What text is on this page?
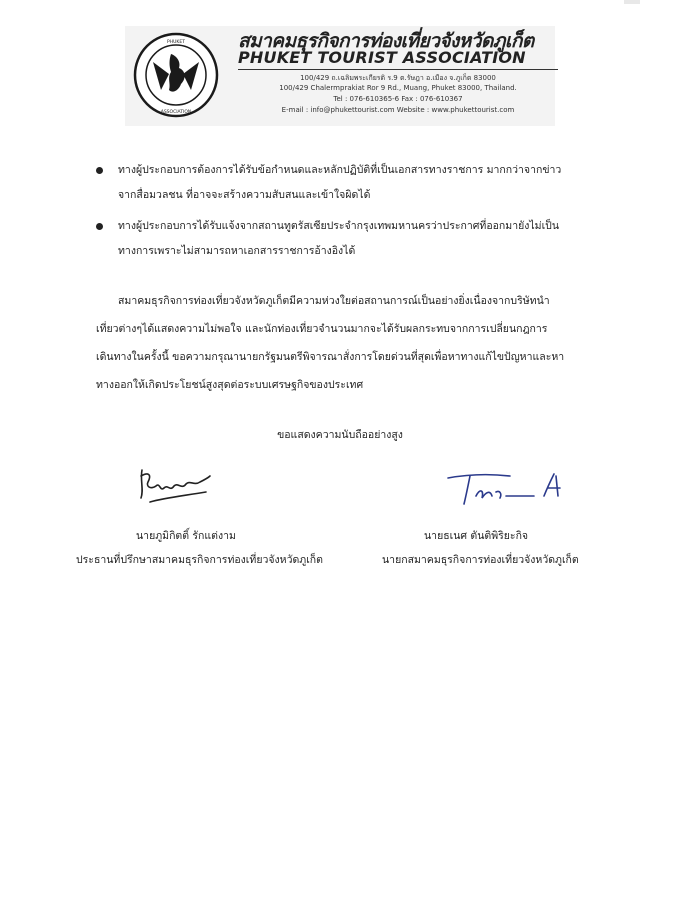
PHUKET
ASSOCIATION
สมาคมธุรกิจการท่องเที่ยวจังหวัดภูเก็ต
PHUKET TOURIST ASSOCIATION
100/429 ถ.เฉลิมพระเกียรติ ร.9 ต.รัษฎา อ.เมือง จ.ภูเก็ต 83000
100/429 Chalermprakiat Ror 9 Rd., Muang, Phuket 83000, Thailand.
Tel : 076-610365-6 Fax : 076-610367
E-mail : info@phukettourist.com Website : www.phukettourist.com
ทางผู้ประกอบการต้องการได้รับข้อกำหนดและหลักปฏิบัติที่เป็นเอกสารทางราชการ มากกว่าจากข่าว
จากสื่อมวลชน ที่อาจจะสร้างความสับสนและเข้าใจผิดได้
ทางผู้ประกอบการได้รับแจ้งจากสถานทูตรัสเซียประจำกรุงเทพมหานครว่าประกาศที่ออกมายังไม่เป็น
ทางการเพราะไม่สามารถหาเอกสารราชการอ้างอิงได้
สมาคมธุรกิจการท่องเที่ยวจังหวัดภูเก็ตมีความห่วงใยต่อสถานการณ์เป็นอย่างยิ่งเนื่องจากบริษัทนำ
เที่ยวต่างๆได้แสดงความไม่พอใจ และนักท่องเที่ยวจำนวนมากจะได้รับผลกระทบจากการเปลี่ยนกฎการ
เดินทางในครั้งนี้ ขอความกรุณานายกรัฐมนตรีพิจารณาสั่งการโดยด่วนที่สุดเพื่อหาทางแก้ไขปัญหาและหา
ทางออกให้เกิดประโยชน์สูงสุดต่อระบบเศรษฐกิจของประเทศ
ขอแสดงความนับถืออย่างสูง
นายภูมิกิตติ์ รักแต่งาม
ประธานที่ปรึกษาสมาคมธุรกิจการท่องเที่ยวจังหวัดภูเก็ต
นายธเนศ ตันติพิริยะกิจ
นายกสมาคมธุรกิจการท่องเที่ยวจังหวัดภูเก็ต
